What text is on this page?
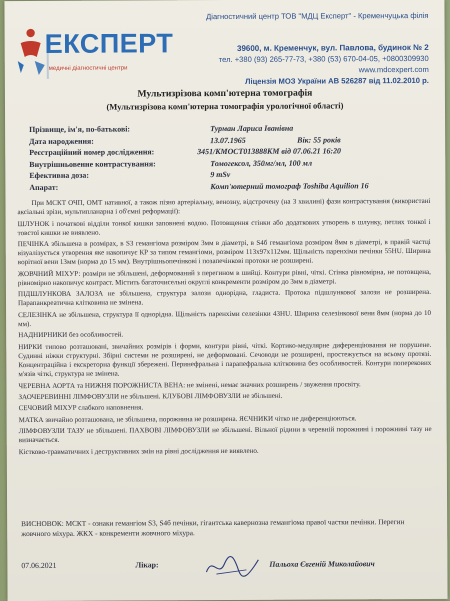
ЕКСПЕРТ
медичні діагностичні центри
Діагностичний центр ТОВ "МДЦ Експерт" - Кременчуцька філія
39600, м. Кременчук, вул. Павлова, будинок № 2
тел. +380 (93) 265-77-73, +380 (53) 670-04-05, +0800309930
www.mdcexpert.com
Ліцензія МОЗ України АВ 526287 від 11.02.2010 р.
Мультизрізова комп'ютерна томографія
(Мультизрізова комп'ютерна томографія урологічної області)
Прізвище, ім'я, по-батькові:	Турман Лариса Іванівна
Дата народження:	13.07.1965	Вік: 55 років
Реєстраційний номер дослідження:	3451/КМОСТ013888КМ від 07.06.21 16:20
Внутрішньовенне контрастування:	Томогексол, 350мг/мл, 100 мл
Ефективна доза:	9 mSv
Апарат:	Комп'ютерний томограф Toshiba Aquilion 16

При МСКТ ОЧП, ОМТ нативної, а також пізно артеріальну, венозну, відстрочену (на 3 хвилині) фази контрастування (використані аксіальні зрізи, мультипланарна і об'ємні реформації):

ШЛУНОК і початкові відділи тонкої кишки заповнені водою. Потовщення стінки або додаткових утворень в шлунку, петлях тонкої і товстої кишки не виявлено.

ПЕЧІНКА збільшена в розмірах, в S3 гемангіома розміром 3мм в діаметрі, в S4б гемангіома розміром 8мм в діаметрі, в правій частці візуалізується утворення яке накопичує КР за типом гемангіоми, розміром 113х97х112мм. Щільність паренхіми печінки 55HU. Ширина ворітної вени 13мм (норма до 15 мм). Внутрішньопечінкові і позапечінкові протоки не розширені.

ЖОВЧНИЙ МІХУР: розміри не збільшені, деформований з перегином в шийці. Контури рівні, чіткі. Стінка рівномірна, не потовщена, рівномірно накопичує контраст. Містить багаточисельні округлі конкременти розміром до 3мм в діаметрі.

ПІДШЛУНКОВА ЗАЛОЗА не збільшена, структура залози однорідна, гладиста. Протока підшлункової залози не розширена. Парапанкреатична клітковина не змінена.

СЕЛЕЗІНКА не збільшена, структура її однорідна. Щільність паренхіми селезінки 43HU. Ширина селезінкової вени 8мм (норма до 10 мм).

НАДНИРНИКИ без особливостей.

НИРКИ типово розташовані, звичайних розмірів і форми, контури рівні, чіткі. Кортико-медулярне диференціювання не порушене. Судинні ніжки структурні. Збірні системи не розширені, не деформовані. Сечоводи не розширені, простежується на всьому протязі. Концентраційна і екскреторна функції збережені. Перинефральна і парапефральна клітковина без особливостей. Контури поперекових м'язів чіткі, структура не змінена.

ЧЕРЕВНА АОРТА та НИЖНЯ ПОРОЖНИСТА ВЕНА: не змінені, немає значних розширень / звуження просвіту.

ЗАОЧЕРЕВИННІ ЛІМФОВУЗЛИ не збільшені. КЛУБОВІ ЛІМФОВУЗЛИ не збільшені.

СЕЧОВИЙ МІХУР слабкого наповнення.

МАТКА звичайно розташована, не збільшена, порожнина не розширена. ЯЄЧНИКИ чітко не диференціюються.

ЛІМФОВУЗЛИ ТАЗУ не збільшені. ПАХВОВІ ЛІМФОВУЗЛИ не збільшені. Вільної рідини в черевній порожнині і порожнині тазу не визначається.

Кістково-травматичних і деструктивних змін на рівні дослідження не виявлено.

ВИСНОВОК: МСКТ - ознаки гемангіом S3, S4б печінки, гігантська кавернозна гемангіома правої частки печінки. Перегин жовчного міхура. ЖКХ - конкременти жовчного міхура.
07.06.2021	Лікар:	Пальоха Євгеній Миколайович
